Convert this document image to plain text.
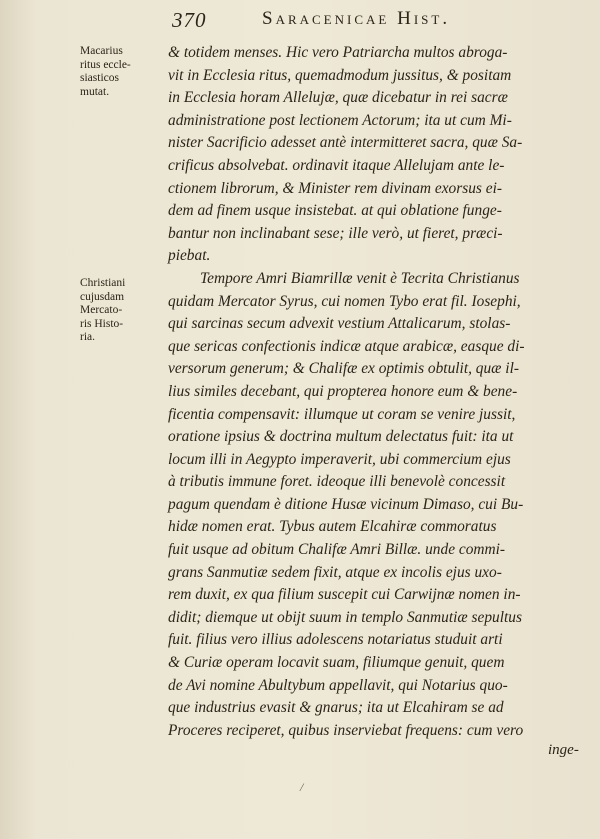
370	Saracenicae Hist.
Macarius
ritus eccle-
siasticos
mutat.
Christiani
cujusdam
Mercato-
ris Histo-
ria.
& totidem menses. Hic vero Patriarcha multos abroga-
vit in Ecclesia ritus, quemadmodum jussitus, & positam
in Ecclesia horam Allelujæ, quæ dicebatur in rei sacræ
administratione post lectionem Actorum; ita ut cum Mi-
nister Sacrificio adesset antè intermitteret sacra, quæ Sa-
crificus absolvebat. ordinavit itaque Allelujam ante le-
ctionem librorum, & Minister rem divinam exorsus ei-
dem ad finem usque insistebat. at qui oblatione funge-
bantur non inclinabant sese; ille verò, ut fieret, præci-
piebat.
Tempore Amri Biamrillæ venit è Tecrita Christianus
quidam Mercator Syrus, cui nomen Tybo erat fil. Iosephi,
qui sarcinas secum advexit vestium Attalicarum, stolas-
que sericas confectionis indicæ atque arabicæ, easque di-
versorum generum; & Chalifæ ex optimis obtulit, quæ il-
lius similes decebant, qui propterea honore eum & bene-
ficentia compensavit: illumque ut coram se venire jussit,
oratione ipsius & doctrina multum delectatus fuit: ita ut
locum illi in Aegypto imperaverit, ubi commercium ejus
à tributis immune foret. ideoque illi benevolè concessit
pagum quendam è ditione Husæ vicinum Dimaso, cui Bu-
hidæ nomen erat. Tybus autem Elcahiræ commoratus
fuit usque ad obitum Chalifæ Amri Billæ. unde commi-
grans Sanmutiæ sedem fixit, atque ex incolis ejus uxo-
rem duxit, ex qua filium suscepit cui Carwijnæ nomen in-
didit; diemque ut obijt suum in templo Sanmutiæ sepultus
fuit. filius vero illius adolescens notariatus studuit arti
& Curiæ operam locavit suam, filiumque genuit, quem
de Avi nomine Abultybum appellavit, qui Notarius quo-
que industrius evasit & gnarus; ita ut Elcahiram se ad
Proceres reciperet, quibus inserviebat frequens: cum vero
inge-
/
